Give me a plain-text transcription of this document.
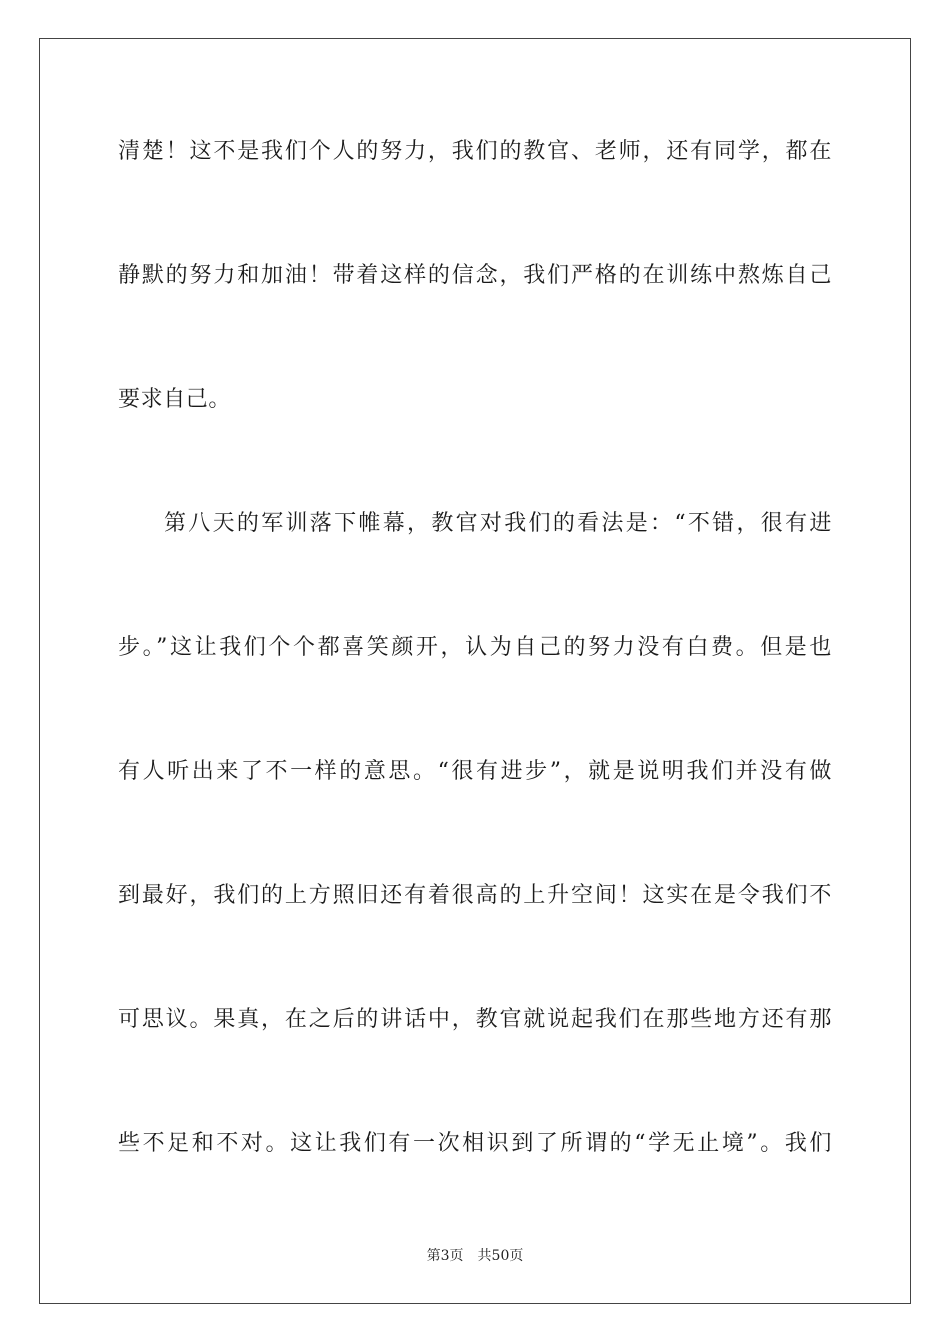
清楚！这不是我们个人的努力，我们的教官、老师，还有同学，都在
静默的努力和加油！带着这样的信念，我们严格的在训练中熬炼自己
要求自己。
第八天的军训落下帷幕，教官对我们的看法是：“不错，很有进
步。”这让我们个个都喜笑颜开，认为自己的努力没有白费。但是也
有人听出来了不一样的意思。“很有进步”，就是说明我们并没有做
到最好，我们的上方照旧还有着很高的上升空间！这实在是令我们不
可思议。果真，在之后的讲话中，教官就说起我们在那些地方还有那
些不足和不对。这让我们有一次相识到了所谓的“学无止境”。我们
第3页 共50页
